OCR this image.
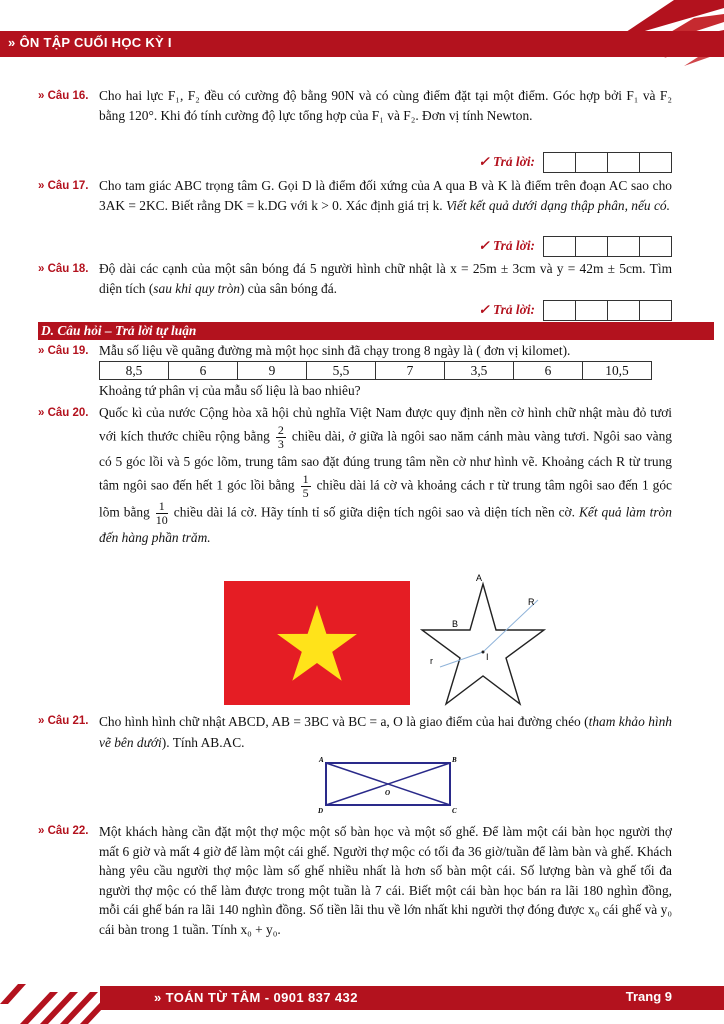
» ÔN TẬP CUỐI HỌC KỲ I
» Câu 16. Cho hai lực F₁, F₂ đều có cường độ bằng 90N và có cùng điểm đặt tại một điểm. Góc hợp bởi F₁ và F₂ bằng 120°. Khi đó tính cường độ lực tổng hợp của F₁ và F₂. Đơn vị tính Newton.
✓ Trả lời:
» Câu 17. Cho tam giác ABC trọng tâm G. Gọi D là điểm đối xứng của A qua B và K là điểm trên đoạn AC sao cho 3AK = 2KC. Biết rằng DK = k.DG với k > 0. Xác định giá trị k. Viết kết quả dưới dạng thập phân, nếu có.
✓ Trả lời:
» Câu 18. Độ dài các cạnh của một sân bóng đá 5 người hình chữ nhật là x = 25m ± 3cm và y = 42m ± 5cm. Tìm diện tích (sau khi quy tròn) của sân bóng đá.
✓ Trả lời:
D. Câu hỏi – Trả lời tự luận
» Câu 19. Mẫu số liệu về quãng đường mà một học sinh đã chạy trong 8 ngày là ( đơn vị kilomet).
8,5	6	9	5,5	7	3,5	6	10,5
Khoảng tứ phân vị của mẫu số liệu là bao nhiêu?
» Câu 20. Quốc kì của nước Cộng hòa xã hội chủ nghĩa Việt Nam được quy định nền cờ hình chữ nhật màu đỏ tươi với kích thước chiều rộng bằng $\frac{2}{3}$ chiều dài, ở giữa là ngôi sao năm cánh màu vàng tươi. Ngôi sao vàng có 5 góc lồi và 5 góc lõm, trung tâm sao đặt đúng trung tâm nền cờ như hình vẽ. Khoảng cách R từ trung tâm ngôi sao đến hết 1 góc lồi bằng $\frac{1}{5}$ chiều dài lá cờ và khoảng cách r từ trung tâm ngôi sao đến 1 góc lõm bằng $\frac{1}{10}$ chiều dài lá cờ. Hãy tính tỉ số giữa diện tích ngôi sao và diện tích nền cờ. Kết quả làm tròn đến hàng phần trăm.
A
B
R
r	I
» Câu 21. Cho hình hình chữ nhật ABCD, AB = 3BC và BC = a, O là giao điểm của hai đường chéo (tham khảo hình vẽ bên dưới). Tính AB.AC.
A	B
C
D
O
» Câu 22. Một khách hàng cần đặt một thợ mộc một số bàn học và một số ghế. Để làm một cái bàn học người thợ mất 6 giờ và mất 4 giờ để làm một cái ghế. Người thợ mộc có tối đa 36 giờ/tuần để làm bàn và ghế. Khách hàng yêu cầu người thợ mộc làm số ghế nhiều nhất là hơn số bàn một cái. Số lượng bàn và ghế tối đa người thợ mộc có thể làm được trong một tuần là 7 cái. Biết một cái bàn học bán ra lãi 180 nghìn đồng, mỗi cái ghế bán ra lãi 140 nghìn đồng. Số tiền lãi thu về lớn nhất khi người thợ đóng được x₀ cái ghế và y₀ cái bàn trong 1 tuần. Tính x₀ + y₀.
» TOÁN TỪ TÂM - 0901 837 432	Trang 9
